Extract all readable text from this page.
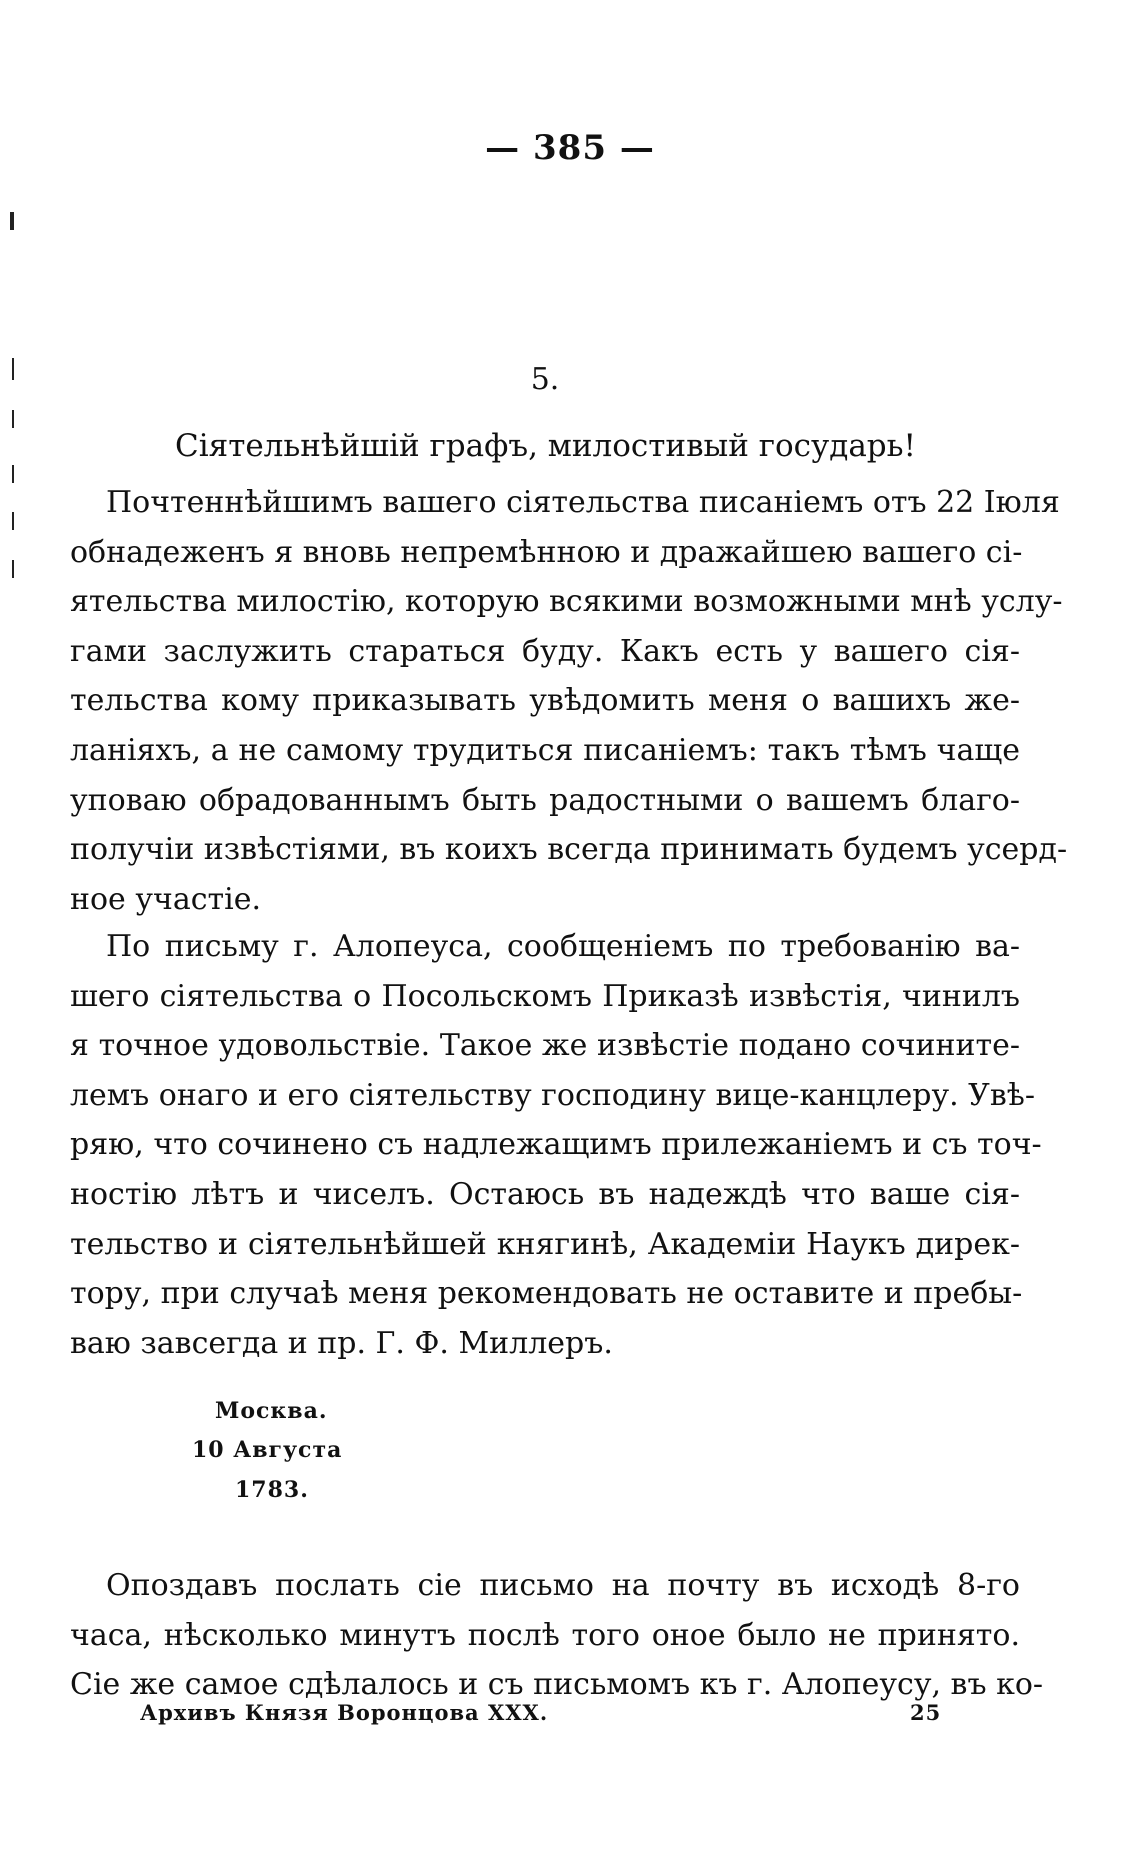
— 385 —
5.
Сiятельнѣйшiй графъ, милостивый государь!
Почтеннѣйшимъ вашего сiятельства писанiемъ отъ 22 Iюля
обнадеженъ я вновь непремѣнною и дражайшею вашего сi-
ятельства милостiю, которую всякими возможными мнѣ услу-
гами заслужить стараться буду. Какъ есть у вашего сiя-
тельства кому приказывать увѣдомить меня о вашихъ же-
ланiяхъ, а не самому трудиться писанiемъ: такъ тѣмъ чаще
уповаю обрадованнымъ быть радостными о вашемъ благо-
получiи извѣстiями, въ коихъ всегда принимать будемъ усерд-
ное участiе.
По письму г. Алопеуса, сообщенiемъ по требованiю ва-
шего сiятельства о Посольскомъ Приказѣ извѣстiя, чинилъ
я точное удовольствiе. Такое же извѣстiе подано сочините-
лемъ онаго и его сiятельству господину вице-канцлеру. Увѣ-
ряю, что сочинено съ надлежащимъ прилежанiемъ и съ точ-
ностiю лѣтъ и чиселъ. Остаюсь въ надеждѣ что ваше сiя-
тельство и сiятельнѣйшей княгинѣ, Академiи Наукъ дирек-
тору, при случаѣ меня рекомендовать не оставите и пребы-
ваю завсегда и пр. Г. Ф. Миллеръ.
Москва.
10 Августа
1783.
Опоздавъ послать сiе письмо на почту въ исходѣ 8-го
часа, нѣсколько минутъ послѣ того оное было не принято.
Сiе же самое сдѣлалось и съ письмомъ къ г. Алопеусу, въ ко-
Архивъ Князя Воронцова XXX.	25
